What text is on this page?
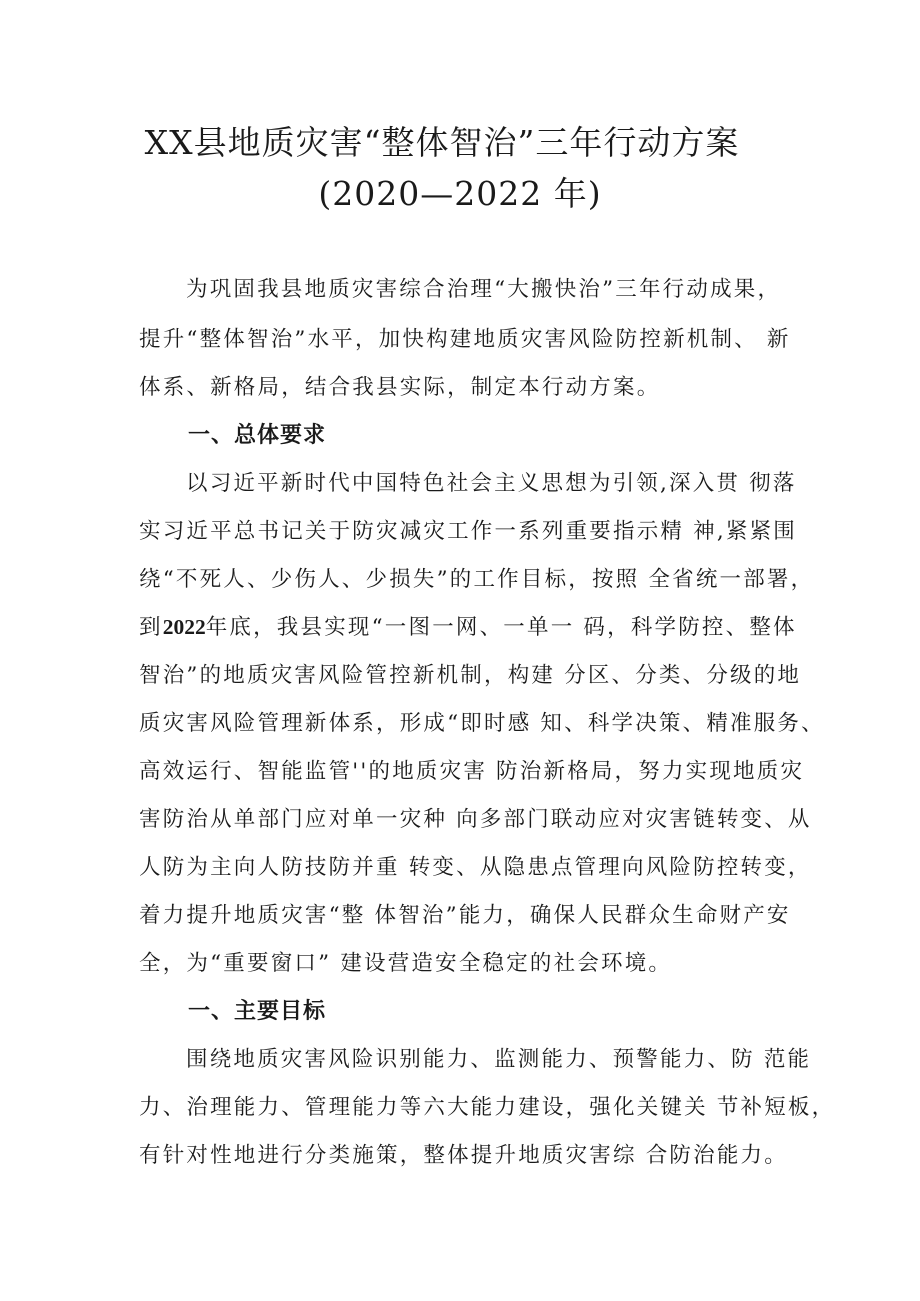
XX县地质灾害“整体智治”三年行动方案
(2020—2022 年)
为巩固我县地质灾害综合治理“大搬快治”三年行动成果，
提升“整体智治”水平，加快构建地质灾害风险防控新机制、 新
体系、新格局，结合我县实际，制定本行动方案。
一、总体要求
以习近平新时代中国特色社会主义思想为引领,深入贯 彻落
实习近平总书记关于防灾减灾工作一系列重要指示精 神,紧紧围
绕“不死人、少伤人、少损失”的工作目标，按照 全省统一部署，
到2022年底，我县实现“一图一网、一单一 码，科学防控、整体
智治”的地质灾害风险管控新机制，构建 分区、分类、分级的地
质灾害风险管理新体系，形成“即时感 知、科学决策、精准服务、
高效运行、智能监管''的地质灾害 防治新格局，努力实现地质灾
害防治从单部门应对单一灾种 向多部门联动应对灾害链转变、从
人防为主向人防技防并重 转变、从隐患点管理向风险防控转变，
着力提升地质灾害“整 体智治”能力，确保人民群众生命财产安
全，为“重要窗口” 建设营造安全稳定的社会环境。
一、主要目标
围绕地质灾害风险识别能力、监测能力、预警能力、防 范能
力、治理能力、管理能力等六大能力建设，强化关键关 节补短板，
有针对性地进行分类施策，整体提升地质灾害综 合防治能力。
